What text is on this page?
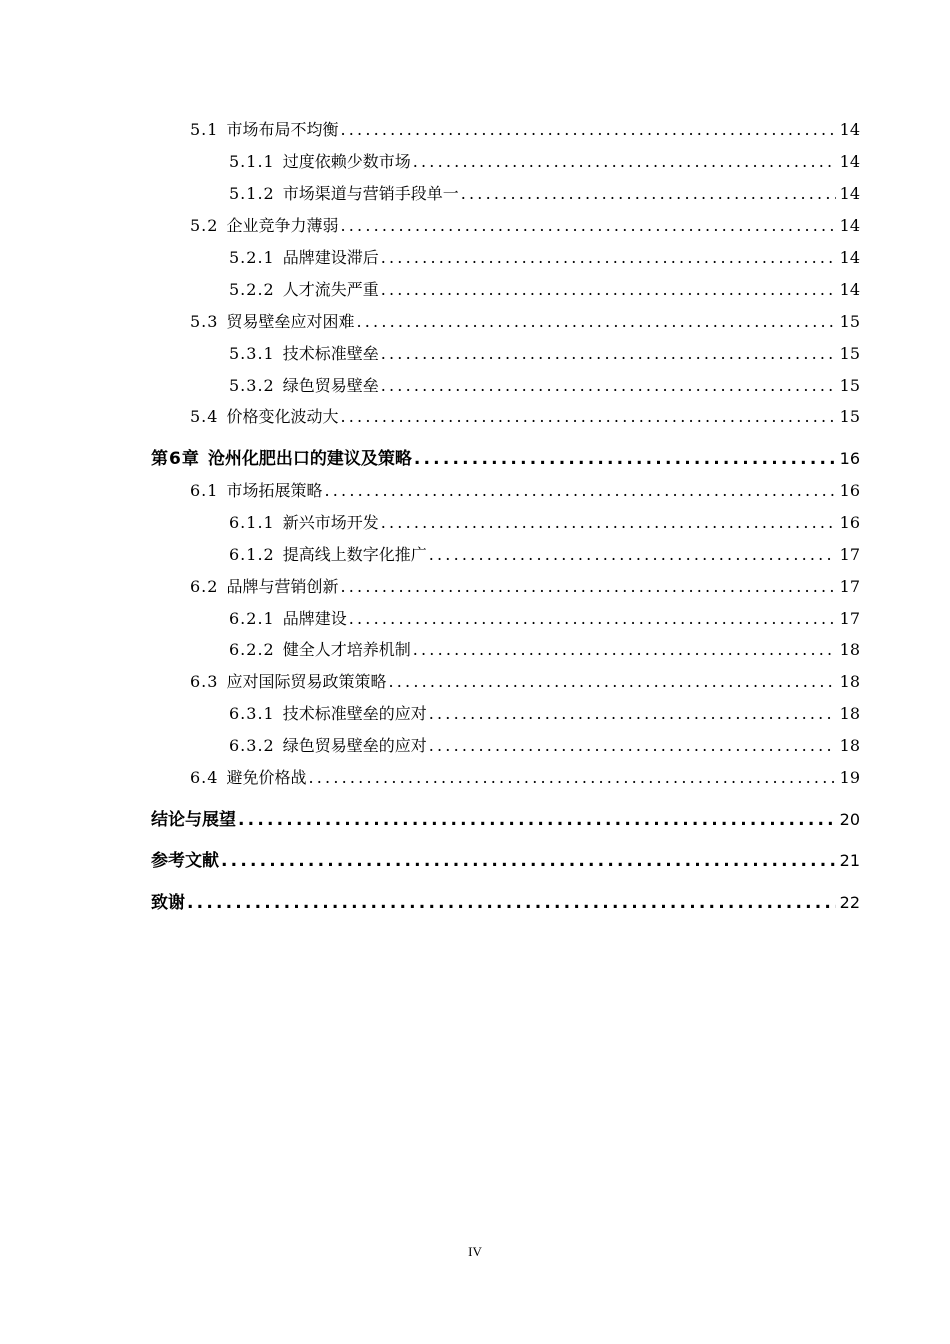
5.1 市场布局不均衡 .....	14
5.1.1 过度依赖少数市场 .....	14
5.1.2 市场渠道与营销手段单一 .....	14
5.2 企业竞争力薄弱 .....	14
5.2.1 品牌建设滞后 .....	14
5.2.2 人才流失严重 .....	14
5.3 贸易壁垒应对困难 .....	15
5.3.1 技术标准壁垒 .....	15
5.3.2 绿色贸易壁垒 .....	15
5.4 价格变化波动大 .....	15
第6章 沧州化肥出口的建议及策略 .....	16
6.1 市场拓展策略 .....	16
6.1.1 新兴市场开发 .....	16
6.1.2 提高线上数字化推广 .....	17
6.2 品牌与营销创新 .....	17
6.2.1 品牌建设 .....	17
6.2.2 健全人才培养机制 .....	18
6.3 应对国际贸易政策策略 .....	18
6.3.1 技术标准壁垒的应对 .....	18
6.3.2 绿色贸易壁垒的应对 .....	18
6.4 避免价格战 .....	19
结论与展望 .....	20
参考文献 .....	21
致谢 .....	22
IV
